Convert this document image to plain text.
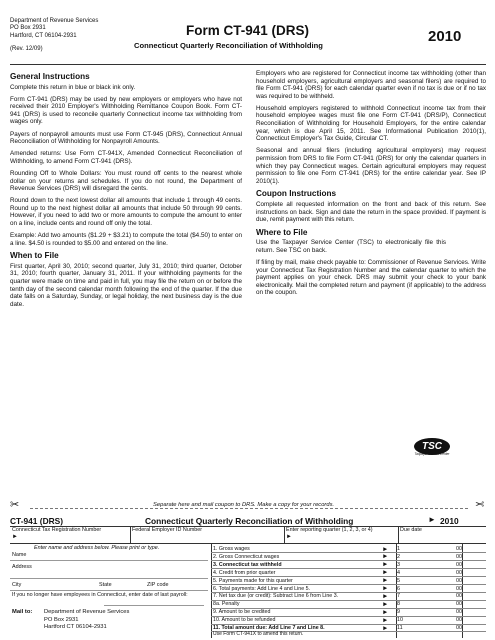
Department of Revenue Services
PO Box 2931
Hartford, CT 06104-2931
(Rev. 12/09)
Form CT-941 (DRS)
Connecticut Quarterly Reconciliation of Withholding
2010
General Instructions

Complete this return in blue or black ink only.

Form CT-941 (DRS) may be used by new employers or employers who have not received their 2010 Employer's Withholding Remittance Coupon Book. Form CT-941 (DRS) is used to reconcile quarterly Connecticut income tax withholding from wages only.

Payers of nonpayroll amounts must use Form CT-945 (DRS), Connecticut Annual Reconciliation of Withholding for Nonpayroll Amounts.

Amended returns: Use Form CT-941X, Amended Connecticut Reconciliation of Withholding, to amend Form CT-941 (DRS).

Rounding Off to Whole Dollars: You must round off cents to the nearest whole dollar on your returns and schedules. If you do not round, the Department of Revenue Services (DRS) will disregard the cents.

Round down to the next lowest dollar all amounts that include 1 through 49 cents. Round up to the next highest dollar all amounts that include 50 through 99 cents. However, if you need to add two or more amounts to compute the amount to enter on a line, include cents and round off only the total.

Example: Add two amounts ($1.29 + $3.21) to compute the total ($4.50) to enter on a line. $4.50 is rounded to $5.00 and entered on the line.

When to File

First quarter, April 30, 2010; second quarter, July 31, 2010; third quarter, October 31, 2010; fourth quarter, January 31, 2011. If your withholding payments for the quarter were made on time and paid in full, you may file the return on or before the tenth day of the second calendar month following the end of the quarter. If the due date falls on a Saturday, Sunday, or legal holiday, the next business day is the due date.

Employers who are registered for Connecticut income tax withholding (other than household employers, agricultural employers and seasonal filers) are required to file Form CT-941 (DRS) for each calendar quarter even if no tax is due or if no tax was required to be withheld.

Household employers registered to withhold Connecticut income tax from their household employee wages must file one Form CT-941 (DRS/P), Connecticut Reconciliation of Withholding for Household Employers, for the entire calendar year, which is due April 15, 2011. See Informational Publication 2010(1), Connecticut Employer's Tax Guide, Circular CT.

Seasonal and annual filers (including agricultural employers) may request permission from DRS to file Form CT-941 (DRS) for only the calendar quarters in which they pay Connecticut wages. Certain agricultural employers may request permission to file one Form CT-941 (DRS) for the entire calendar year. See IP 2010(1).

Coupon Instructions

Complete all requested information on the front and back of this return. See instructions on back. Sign and date the return in the space provided. If payment is due, remit payment with this return.

Where to File

Use the Taxpayer Service Center (TSC) to electronically file this return. See TSC on back.

If filing by mail, make check payable to: Commissioner of Revenue Services. Write your Connecticut Tax Registration Number and the calendar quarter to which the payment applies on your check. DRS may submit your check to your bank electronically. Mail the completed return and payment (if applicable) to the address on the coupon.

TSC
Taxpayer Service Center
✂	Separate here and mail coupon to DRS. Make a copy for your records.	✂
CT-941 (DRS)	Connecticut Quarterly Reconciliation of Withholding	► 2010
Connecticut Tax Registration Number
►
Federal Employer ID Number	Enter reporting quarter (1, 2, 3, or 4)
►
Due date
Enter name and address below. Please print or type.
Name
Address
City	State	ZIP code
If you no longer have employees in Connecticut, enter date of last payroll:
Mail to: Department of Revenue Services
PO Box 2931
Hartford CT 06104-2931
1. Gross wages	► 1	00
2. Gross Connecticut wages	► 2	00
3. Connecticut tax withheld	► 3	00
4. Credit from prior quarter	► 4	00
5. Payments made for this quarter	► 5	00
6. Total payments: Add Line 4 and Line 5.	► 6	00
7. Net tax due (or credit): Subtract Line 6 from Line 3.	► 7	00
8a. Penalty	► 8	00
9. Amount to be credited	► 9	00
10. Amount to be refunded	► 10	00
11. Total amount due: Add Line 7 and Line 8.	► 11	00
Use Form CT-941X to amend this return.
